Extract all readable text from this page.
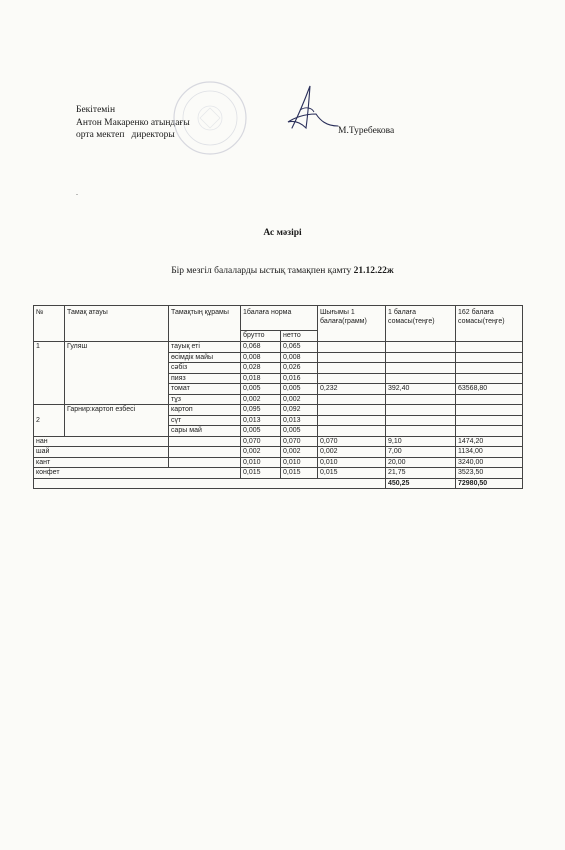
Бекітемін
Антон Макаренко атындағы
орта мектеп   директоры	М.Туребекова
.
Ас мәзірі
Бір мезгіл балаларды ыстық тамақпен қамту 21.12.22ж
№	Тамақ атауы	Тамақтың құрамы	1балаға норма		Шығымы 1 балаға(грамм)	1 балаға сомасы(теңге)	162 балаға сомасы(теңге)
			брутто	нетто			
1	Гуляш	тауық еті	0,068	0,065			
		өсімдік майы	0,008	0,008			
		сәбіз	0,028	0,026			
		пияз	0,018	0,016			
		томат	0,005	0,005	0,232	392,40	63568,80
		тұз	0,002	0,002			
2	Гарнир:картоп езбесі	картоп	0,095	0,092			
		сүт	0,013	0,013			
		сары май	0,005	0,005			
нан			0,070	0,070	0,070	9,10	1474,20
шай			0,002	0,002	0,002	7,00	1134,00
кант			0,010	0,010	0,010	20,00	3240,00
конфет			0,015	0,015	0,015	21,75	3523,50
						450,25	72980,50
